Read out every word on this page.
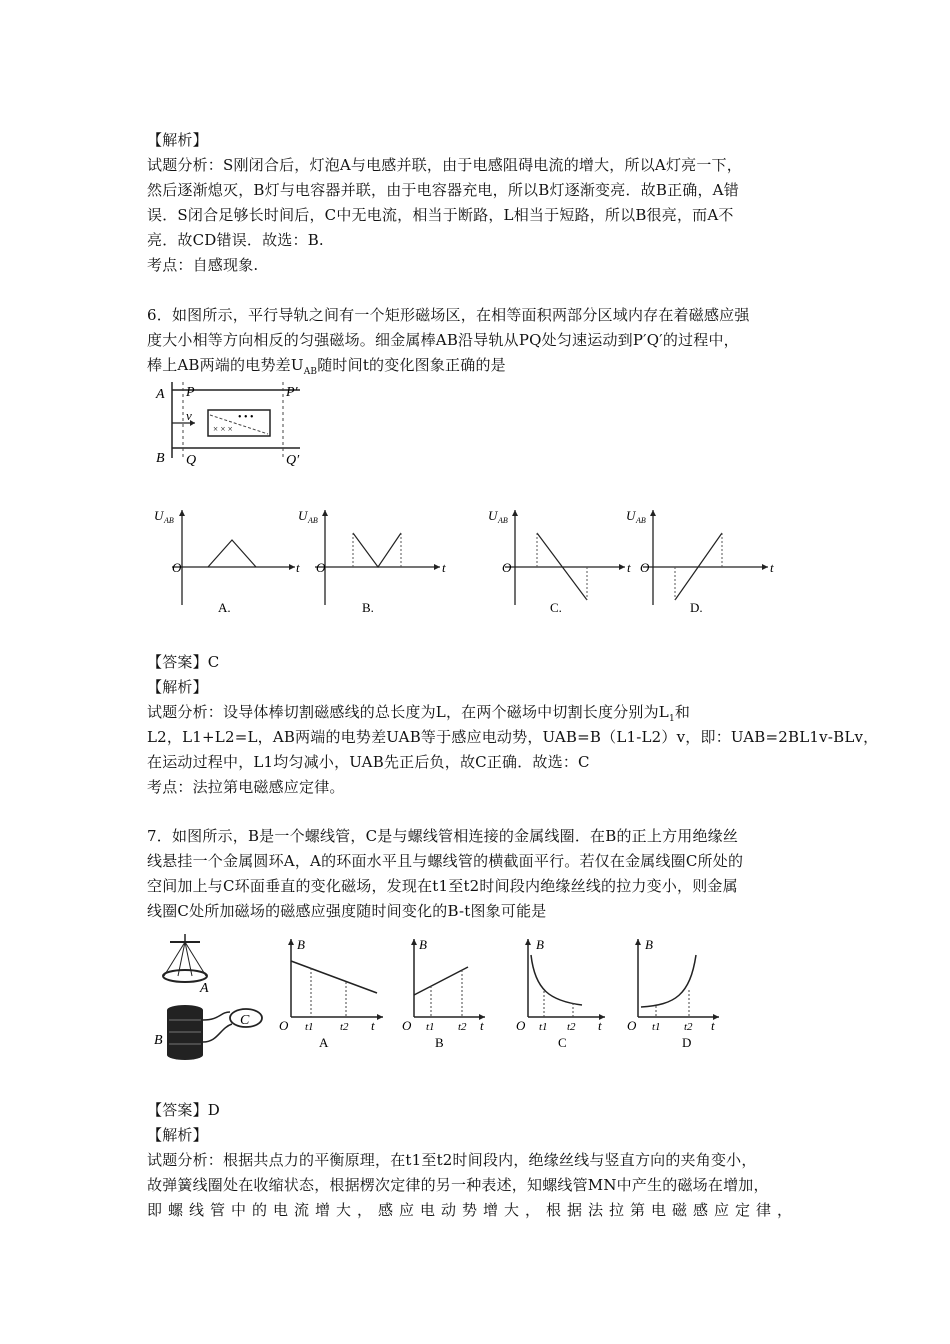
【解析】
试题分析：S刚闭合后，灯泡A与电感并联，由于电感阻碍电流的增大，所以A灯亮一下，
然后逐渐熄灭，B灯与电容器并联，由于电容器充电，所以B灯逐渐变亮．故B正确，A错
误．S闭合足够长时间后，C中无电流，相当于断路，L相当于短路，所以B很亮，而A不
亮．故CD错误．故选：B.
考点：自感现象.
6．如图所示，平行导轨之间有一个矩形磁场区，在相等面积两部分区域内存在着磁感应强
度大小相等方向相反的匀强磁场。细金属棒AB沿导轨从PQ处匀速运动到P′Q′的过程中，
棒上AB两端的电势差$U_{AB}$随时间t的变化图象正确的是
× × ×
• • •
A
B
P
Q
P′
Q′
v
U AB
O	t
A.
U AB
O	t
B.
U AB
O	t
C.
U AB
O	t
D.
【答案】C
【解析】
试题分析：设导体棒切割磁感线的总长度为L，在两个磁场中切割长度分别为$L_1$和
L2，L1+L2=L，AB两端的电势差UAB等于感应电动势，UAB=B（L1-L2）v，即：UAB=2BL1v-BLv，
在运动过程中，L1均匀减小，UAB先正后负，故C正确．故选：C
考点：法拉第电磁感应定律。
7．如图所示，B是一个螺线管，C是与螺线管相连接的金属线圈．在B的正上方用绝缘丝
线悬挂一个金属圆环A，A的环面水平且与螺线管的横截面平行。若仅在金属线圈C所处的
空间加上与C环面垂直的变化磁场，发现在t1至t2时间段内绝缘丝线的拉力变小，则金属
线圈C处所加磁场的磁感应强度随时间变化的B-t图象可能是
A
C
B
B
O t1 t2 t
A
B
O t1 t2 t
B
B
O t1 t2 t
C
B
O t1 t2 t
D
【答案】D
【解析】
试题分析：根据共点力的平衡原理，在t1至t2时间段内，绝缘丝线与竖直方向的夹角变小，
故弹簧线圈处在收缩状态，根据楞次定律的另一种表述，知螺线管MN中产生的磁场在增加，
即螺线管中的电流增大，感应电动势增大，根据法拉第电磁感应定律，
